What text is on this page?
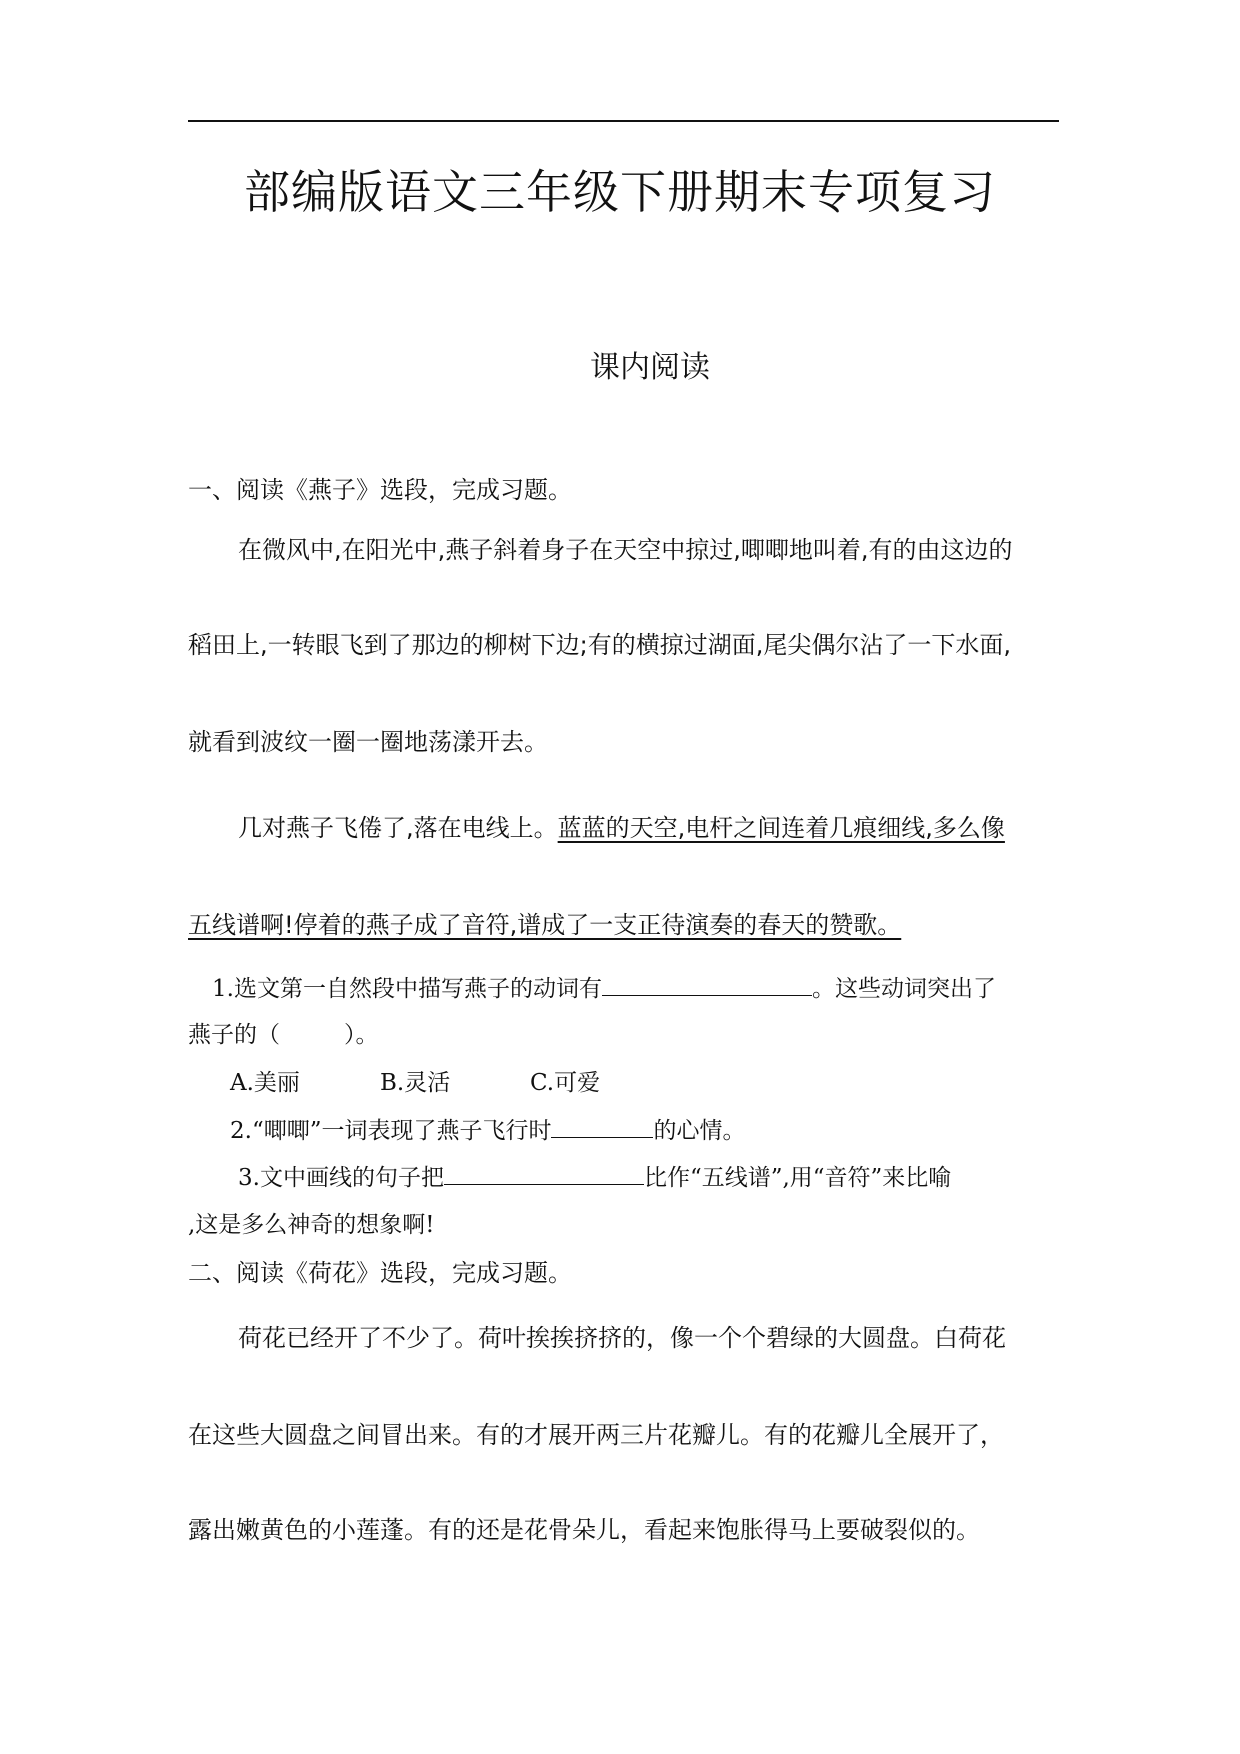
部编版语文三年级下册期末专项复习
课内阅读
一、阅读《燕子》选段，完成习题。
在微风中,在阳光中,燕子斜着身子在天空中掠过,唧唧地叫着,有的由这边的
稻田上,一转眼飞到了那边的柳树下边;有的横掠过湖面,尾尖偶尔沾了一下水面,
就看到波纹一圈一圈地荡漾开去。
几对燕子飞倦了,落在电线上。蓝蓝的天空,电杆之间连着几痕细线,多么像
五线谱啊!停着的燕子成了音符,谱成了一支正待演奏的春天的赞歌。
1.选文第一自然段中描写燕子的动词有	。这些动词突出了
燕子的（	）。
A.美丽	B.灵活	C.可爱
2.“唧唧”一词表现了燕子飞行时	的心情。
3.文中画线的句子把	比作“五线谱”,用“音符”来比喻
,这是多么神奇的想象啊!
二、阅读《荷花》选段，完成习题。
荷花已经开了不少了。荷叶挨挨挤挤的，像一个个碧绿的大圆盘。白荷花
在这些大圆盘之间冒出来。有的才展开两三片花瓣儿。有的花瓣儿全展开了，
露出嫩黄色的小莲蓬。有的还是花骨朵儿，看起来饱胀得马上要破裂似的。
